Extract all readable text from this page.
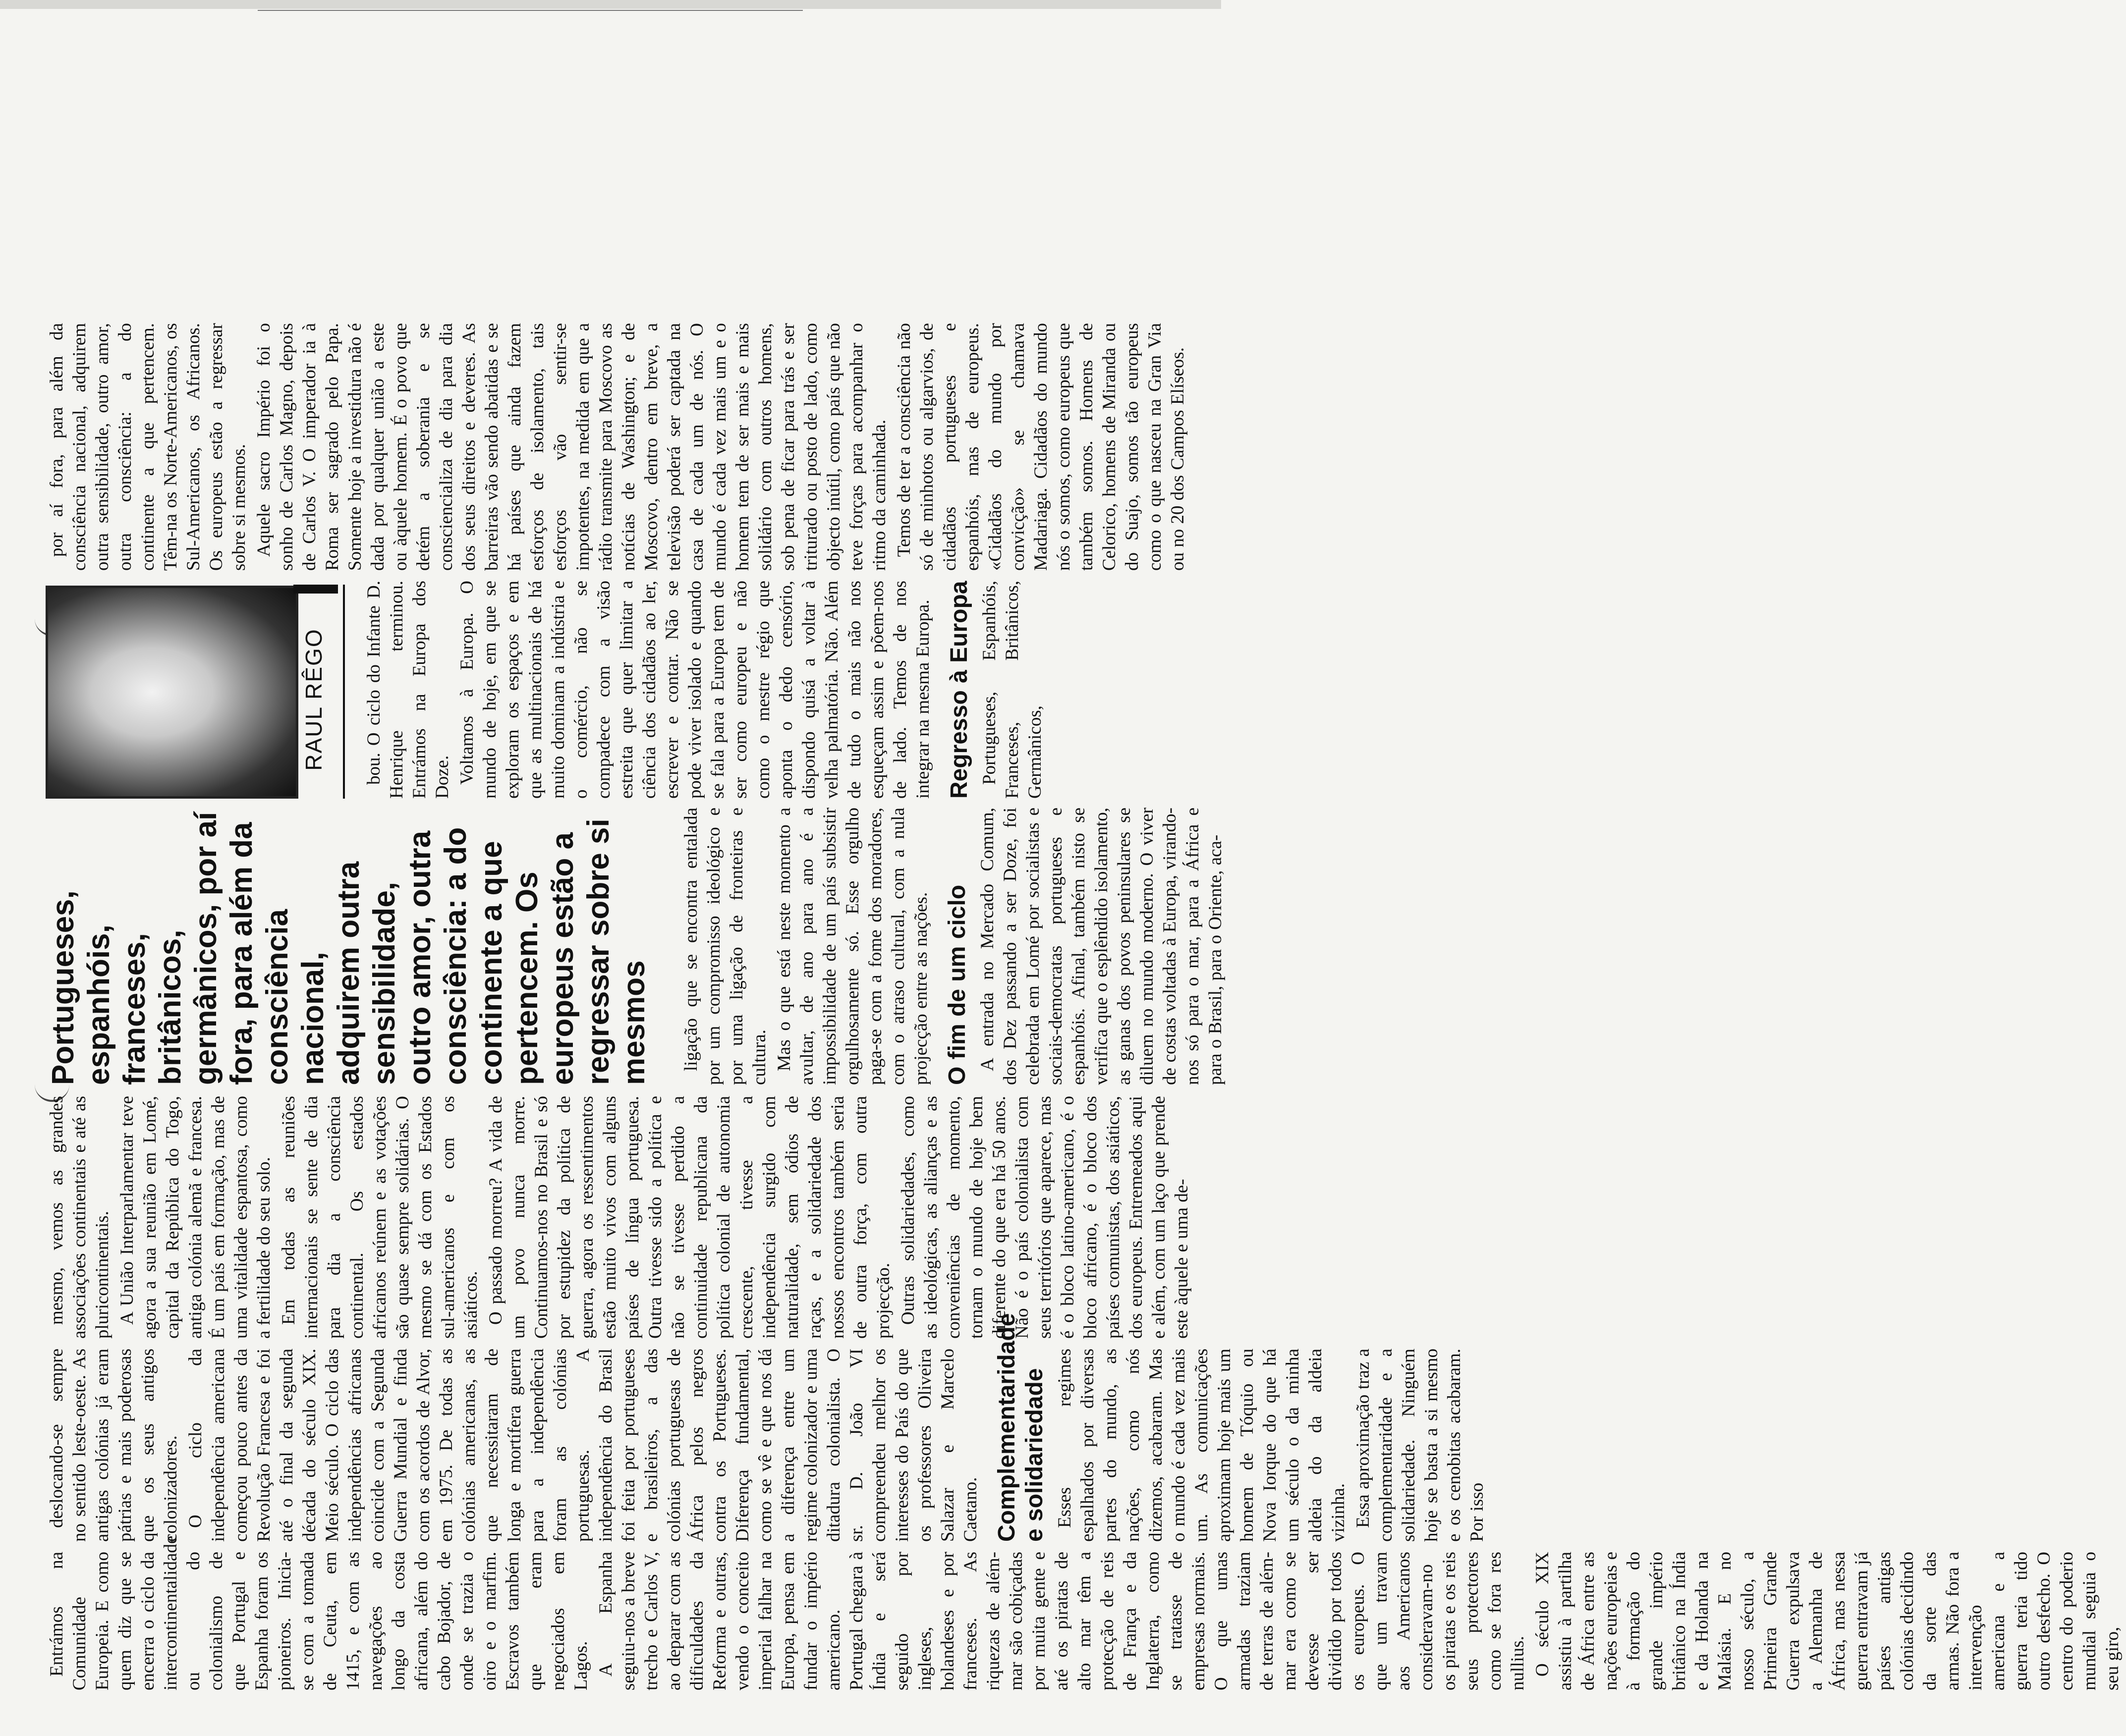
Entrámos na Comunidade Europeia. E como quem diz que se encerra o ciclo da intercontinentalidade ou do colonialismo de que Portugal e Espanha foram os pioneiros. Inicia-se com a tomada de Ceuta, em 1415, e com as navegações ao longo da costa africana, além do cabo Bojador, de onde se trazia o oiro e o marfim. Escravos também que eram negociados em Lagos. A Espanha seguiu-nos a breve trecho e Carlos V, ao deparar com as dificuldades da Reforma e outras, vendo o conceito imperial falhar na Europa, pensa em fundar o império americano. Portugal chegara à Índia e será seguido por ingleses, holandeses e por franceses. As riquezas de além-mar são cobiçadas por muita gente e até os piratas de alto mar têm a protecção de reis de França e da Inglaterra, como se tratasse de empresas normais. O que umas armadas traziam de terras de além-mar era como se devesse ser dividido por todos os europeus. O que um travam aos Americanos consideravam-no os piratas e os reis seus protectores como se fora res nullius. O século XIX assistiu à partilha de África entre as nações europeias e à formação do grande império britânico na Índia e da Holanda na Malásia. E no nosso século, a Primeira Grande Guerra expulsava a Alemanha de África, mas nessa guerra entravam já países antigas colónias decidindo da sorte das armas. Não fora a intervenção americana e a guerra teria tido outro desfecho. O centro do poderio mundial seguia o seu giro,

deslocando-se sempre no sentido leste-oeste. As antigas colónias já eram pátrias e mais poderosas que os seus antigos colonizadores. O ciclo da independência americana começou pouco antes da Revolução Francesa e foi até o final da segunda década do século XIX. Meio século. O ciclo das independências africanas coincide com a Segunda Guerra Mundial e finda com os acordos de Alvor, em 1975. De todas as colónias americanas, as que necessitaram de longa e mortífera guerra para a independência foram as colónias portuguesas. A independência do Brasil foi feita por portugueses e brasileiros, a das colónias portuguesas de África pelos negros contra os Portugueses. Diferença fundamental, como se vê e que nos dá a diferença entre um regime colonizador e uma ditadura colonialista. O sr. D. João VI compreendeu melhor os interesses do País do que os professores Oliveira Salazar e Marcelo Caetano. Complementaridade e solidariedade Esses regimes espalhados por diversas partes do mundo, as nações, como nós dizemos, acabaram. Mas o mundo é cada vez mais um. As comunicações aproximam hoje mais um homem de Tóquio ou Nova Iorque do que há um século o da minha aldeia do da aldeia vizinha. Essa aproximação traz a complementaridade e a solidariedade. Ninguém hoje se basta a si mesmo e os cenobitas acabaram. Por isso

mesmo, vemos as grandes associações continentais e até as pluricontinentais. A União Interparlamentar teve agora a sua reunião em Lomé, capital da República do Togo, antiga colónia alemã e francesa. É um país em formação, mas de uma vitalidade espantosa, como a fertilidade do seu solo. Em todas as reuniões internacionais se sente de dia para dia a consciência continental. Os estados africanos reúnem e as votações são quase sempre solidárias. O mesmo se dá com os Estados sul-americanos e com os asiáticos. O passado morreu? A vida de um povo nunca morre. Continuamos-nos no Brasil e só por estupidez da política de guerra, agora os ressentimentos estão muito vivos com alguns países de língua portuguesa. Outra tivesse sido a política e não se tivesse perdido a continuidade republicana da política colonial de autonomia crescente, tivesse a independência surgido com naturalidade, sem ódios de raças, e a solidariedade dos nossos encontros também seria de outra força, com outra projecção. Outras solidariedades, como as ideológicas, as alianças e as conveniências de momento, tornam o mundo de hoje bem diferente do que era há 50 anos. Não é o país colonialista com seus territórios que aparece, mas é o bloco latino-americano, é o bloco africano, é o bloco dos países comunistas, dos asiáticos, dos europeus. Entremeados aqui e além, com um laço que prende este àquele e uma de-

Portugueses, espanhóis, franceses, britânicos, germânicos, por aí fora, para além da consciência nacional, adquirem outra sensibilidade, outro amor, outra consciência: a do continente a que pertencem. Os europeus estão a regressar sobre si mesmos ligação que se encontra entalada por um compromisso ideológico e por uma ligação de fronteiras e cultura. Mas o que está neste momento a avultar, de ano para ano é a impossibilidade de um país subsistir orgulhosamente só. Esse orgulho paga-se com a fome dos moradores, com o atraso cultural, com a nula projecção entre as nações. O fim de um ciclo A entrada no Mercado Comum, dos Dez passando a ser Doze, foi celebrada em Lomé por socialistas e sociais-democratas portugueses e espanhóis. Afinal, também nisto se verifica que o esplêndido isolamento, as ganas dos povos peninsulares se diluem no mundo moderno. O viver de costas voltadas à Europa, virando-nos só para o mar, para a África e para o Brasil, para o Oriente, aca-

RAUL RÊGO bou. O ciclo do Infante D. Henrique terminou. Entrámos na Europa dos Doze. Voltamos à Europa. O mundo de hoje, em que se exploram os espaços e em que as multinacionais de há muito dominam a indústria e o comércio, não se compadece com a visão estreita que quer limitar a ciência dos cidadãos ao ler, escrever e contar. Não se pode viver isolado e quando se fala para a Europa tem de ser como europeu e não como o mestre régio que aponta o dedo censório, dispondo quisá a voltar à velha palmatória. Não. Além de tudo o mais não nos esqueçam assim e põem-nos de lado. Temos de nos integrar na mesma Europa. Regresso à Europa Portugueses, Espanhóis, Franceses, Britânicos, Germânicos,

por aí fora, para além da consciência nacional, adquirem outra sensibilidade, outro amor, outra consciência: a do continente a que pertencem. Têm-na os Norte-Americanos, os Sul-Americanos, os Africanos. Os europeus estão a regressar sobre si mesmos. Aquele sacro Império foi o sonho de Carlos Magno, depois de Carlos V. O imperador ia à Roma ser sagrado pelo Papa. Somente hoje a investidura não é dada por qualquer união a este ou àquele homem. É o povo que detém a soberania e se consciencializa de dia para dia dos seus direitos e deveres. As barreiras vão sendo abatidas e se há países que ainda fazem esforços de isolamento, tais esforços vão sentir-se impotentes, na medida em que a rádio transmite para Moscovo as notícias de Washington; e de Moscovo, dentro em breve, a televisão poderá ser captada na casa de cada um de nós. O mundo é cada vez mais um e o homem tem de ser mais e mais solidário com outros homens, sob pena de ficar para trás e ser triturado ou posto de lado, como objecto inútil, como país que não teve forças para acompanhar o ritmo da caminhada. Temos de ter a consciência não só de minhotos ou algarvios, de cidadãos portugueses e espanhóis, mas de europeus. «Cidadãos do mundo por convicção» se chamava Madariaga. Cidadãos do mundo nós o somos, como europeus que também somos. Homens de Celorico, homens de Miranda ou do Suajo, somos tão europeus como o que nasceu na Gran Via ou no 20 dos Campos Elíseos.
